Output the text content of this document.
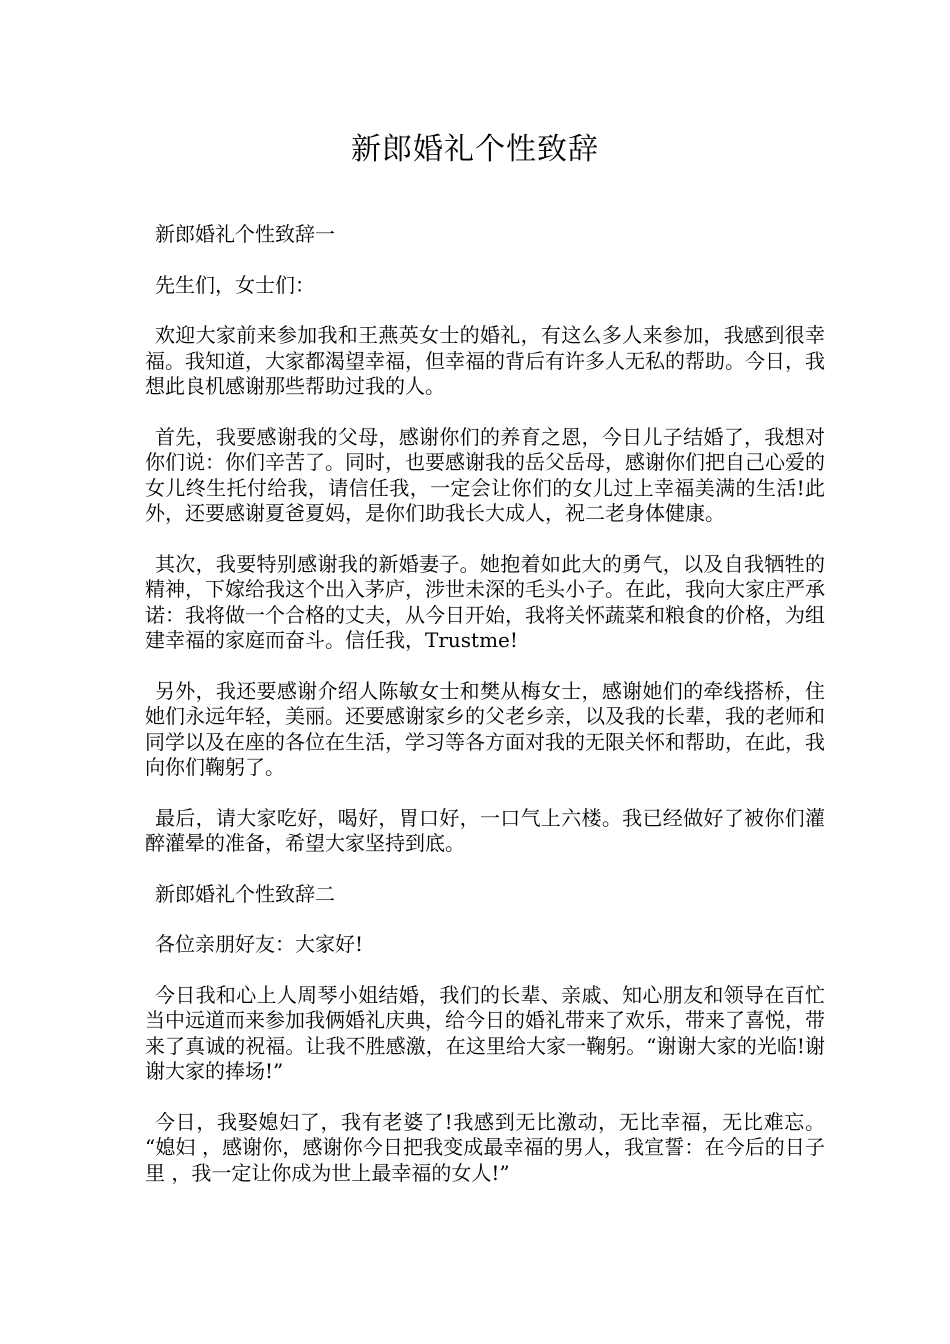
新郎婚礼个性致辞

新郎婚礼个性致辞一

先生们，女士们：

欢迎大家前来参加我和王燕英女士的婚礼，有这么多人来参加，我感到很幸福。我知道，大家都渴望幸福，但幸福的背后有许多人无私的帮助。今日，我想此良机感谢那些帮助过我的人。

首先，我要感谢我的父母，感谢你们的养育之恩，今日儿子结婚了，我想对你们说：你们辛苦了。同时，也要感谢我的岳父岳母，感谢你们把自己心爱的女儿终生托付给我，请信任我，一定会让你们的女儿过上幸福美满的生活!此外，还要感谢夏爸夏妈，是你们助我长大成人，祝二老身体健康。

其次，我要特别感谢我的新婚妻子。她抱着如此大的勇气，以及自我牺牲的精神，下嫁给我这个出入茅庐，涉世未深的毛头小子。在此，我向大家庄严承诺：我将做一个合格的丈夫，从今日开始，我将关怀蔬菜和粮食的价格，为组建幸福的家庭而奋斗。信任我，Trustme!

另外，我还要感谢介绍人陈敏女士和樊从梅女士，感谢她们的牵线搭桥，住她们永远年轻，美丽。还要感谢家乡的父老乡亲，以及我的长辈，我的老师和同学以及在座的各位在生活，学习等各方面对我的无限关怀和帮助，在此，我向你们鞠躬了。

最后，请大家吃好，喝好，胃口好，一口气上六楼。我已经做好了被你们灌醉灌晕的准备，希望大家坚持到底。

新郎婚礼个性致辞二

各位亲朋好友：大家好!

今日我和心上人周琴小姐结婚，我们的长辈、亲戚、知心朋友和领导在百忙当中远道而来参加我俩婚礼庆典，给今日的婚礼带来了欢乐，带来了喜悦，带来了真诚的祝福。让我不胜感激，在这里给大家一鞠躬。“谢谢大家的光临!谢谢大家的捧场!”

今日，我娶媳妇了，我有老婆了!我感到无比激动，无比幸福，无比难忘。 “媳妇 ，感谢你，感谢你今日把我变成最幸福的男人，我宣誓：在今后的日子里 ，我一定让你成为世上最幸福的女人!”
